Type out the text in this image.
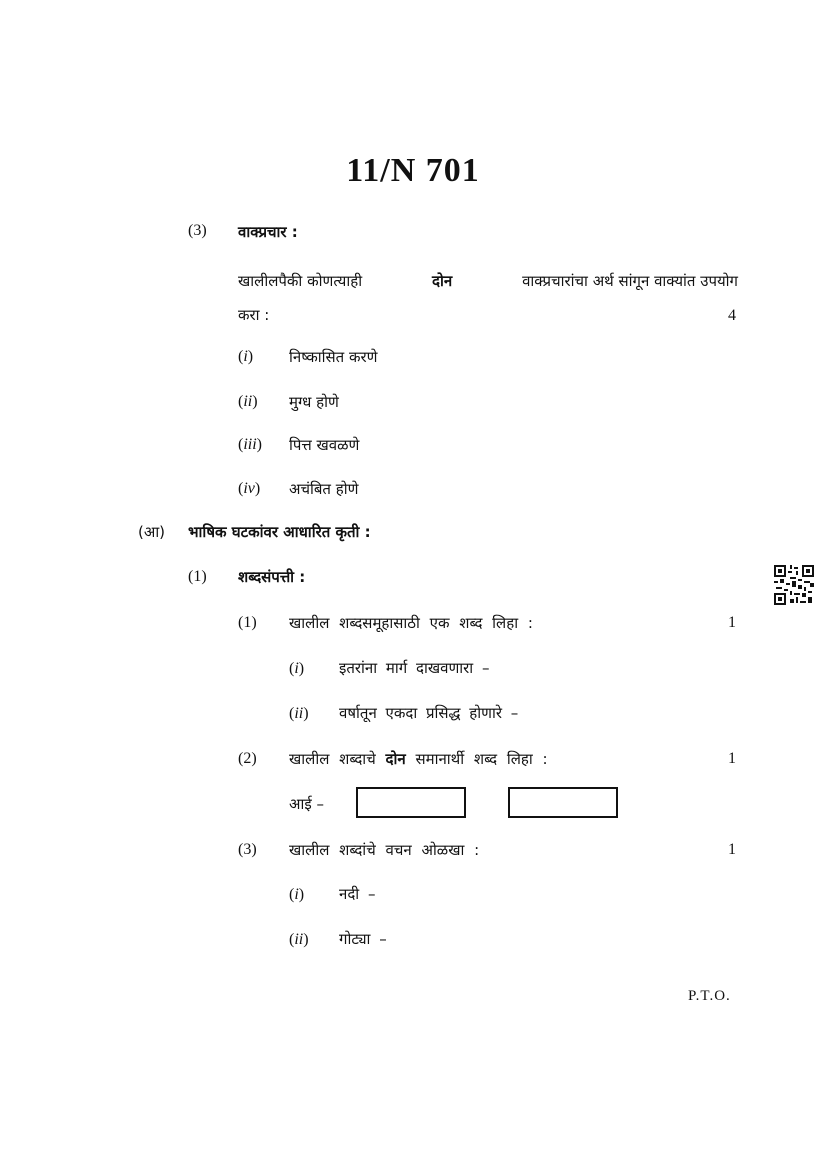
11/N 701
(3) वाक्प्रचार :
खालीलपैकी कोणत्याही	दोन	वाक्प्रचारांचा अर्थ सांगून वाक्यांत उपयोग
करा :	4
(i) निष्कासित करणे
(ii) मुग्ध होणे
(iii) पित्त खवळणे
(iv) अचंबित होणे
(आ) भाषिक घटकांवर आधारित कृती :
(1) शब्दसंपत्ती :
(1) खालील शब्दसमूहासाठी एक शब्द लिहा :	1
(i) इतरांना मार्ग दाखवणारा –
(ii) वर्षातून एकदा प्रसिद्ध होणारे –
(2) खालील शब्दाचे दोन समानार्थी शब्द लिहा :	1
आई –
(3) खालील शब्दांचे वचन ओळखा :	1
(i) नदी –
(ii) गोट्या –
P.T.O.
